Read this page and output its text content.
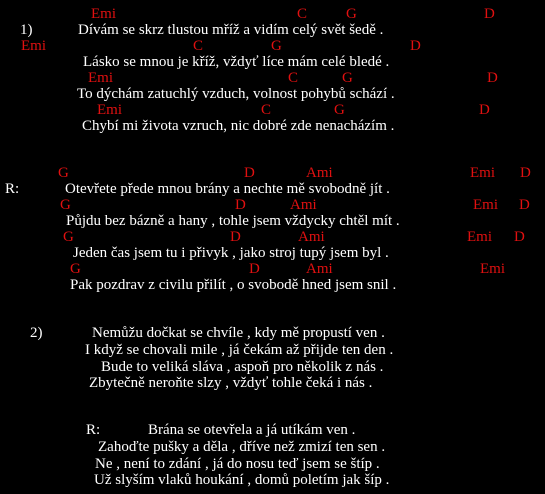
1)
Emi	C	G	D
Dívám se skrz tlustou mříž a vidím celý svět šedě .
Emi	C	G	D
Lásko se mnou je kříž, vždyť líce mám celé bledé .
Emi	C	G	D
To dýchám zatuchlý vzduch, volnost pohybů schází .
Emi	C	G	D
Chybí mi života vzruch, nic dobré zde nenacházím .
R:
G	D	Ami	Emi D
Otevřete přede mnou brány a nechte mě svobodně jít .
G	D	Ami	Emi D
Půjdu bez bázně a hany , tohle jsem vždycky chtěl mít .
G	D	Ami	Emi D
Jeden čas jsem tu i přivyk , jako stroj tupý jsem byl .
G	D	Ami	Emi
Pak pozdrav z civilu přilít , o svobodě hned jsem snil .
2)	Nemůžu dočkat se chvíle , kdy mě propustí ven .
I když se chovali mile , já čekám až přijde ten den .
Bude to veliká sláva , aspoň pro několik z nás .
Zbytečně neroňte slzy , vždyť tohle čeká i nás .
R:	Brána se otevřela a já utíkám ven .
Zahoďte pušky a děla , dříve než zmizí ten sen .
Ne , není to zdání , já do nosu teď jsem se štíp .
Už slyším vlaků houkání , domů poletím jak šíp .
